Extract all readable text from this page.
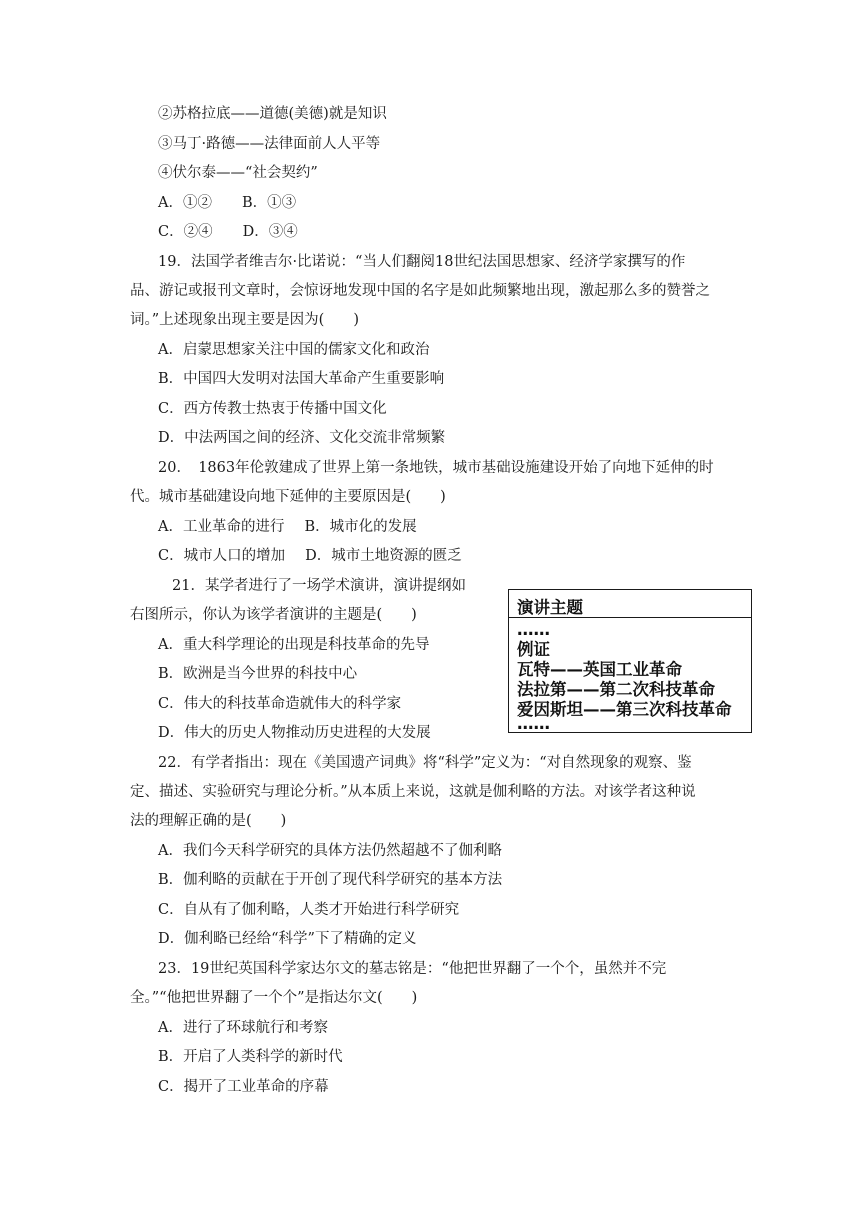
②苏格拉底——道德(美德)就是知识
③马丁·路德——法律面前人人平等
④伏尔泰——“社会契约”
A．①② B．①③
C．②④ D．③④
19．法国学者维吉尔·比诺说：“当人们翻阅18世纪法国思想家、经济学家撰写的作
品、游记或报刊文章时，会惊讶地发现中国的名字是如此频繁地出现，激起那么多的赞誉之
词。”上述现象出现主要是因为(　　)
A．启蒙思想家关注中国的儒家文化和政治
B．中国四大发明对法国大革命产生重要影响
C．西方传教士热衷于传播中国文化
D．中法两国之间的经济、文化交流非常频繁
20．　1863年伦敦建成了世界上第一条地铁，城市基础设施建设开始了向地下延伸的时
代。城市基础建设向地下延伸的主要原因是(　　)
A．工业革命的进行 B．城市化的发展
C．城市人口的增加 D．城市土地资源的匮乏
21．某学者进行了一场学术演讲，演讲提纲如
右图所示，你认为该学者演讲的主题是(　　)
A．重大科学理论的出现是科技革命的先导
B．欧洲是当今世界的科技中心
C．伟大的科技革命造就伟大的科学家
D．伟大的历史人物推动历史进程的大发展
演讲主题
……
例证
瓦特——英国工业革命
法拉第——第二次科技革命
爱因斯坦——第三次科技革命
……
22．有学者指出：现在《美国遗产词典》将“科学”定义为：“对自然现象的观察、鉴
定、描述、实验研究与理论分析。”从本质上来说，这就是伽利略的方法。对该学者这种说
法的理解正确的是(　　)
A．我们今天科学研究的具体方法仍然超越不了伽利略
B．伽利略的贡献在于开创了现代科学研究的基本方法
C．自从有了伽利略，人类才开始进行科学研究
D．伽利略已经给“科学”下了精确的定义
23．19世纪英国科学家达尔文的墓志铭是：“他把世界翻了一个个，虽然并不完
全。”“他把世界翻了一个个”是指达尔文(　　)
A．进行了环球航行和考察
B．开启了人类科学的新时代
C．揭开了工业革命的序幕
